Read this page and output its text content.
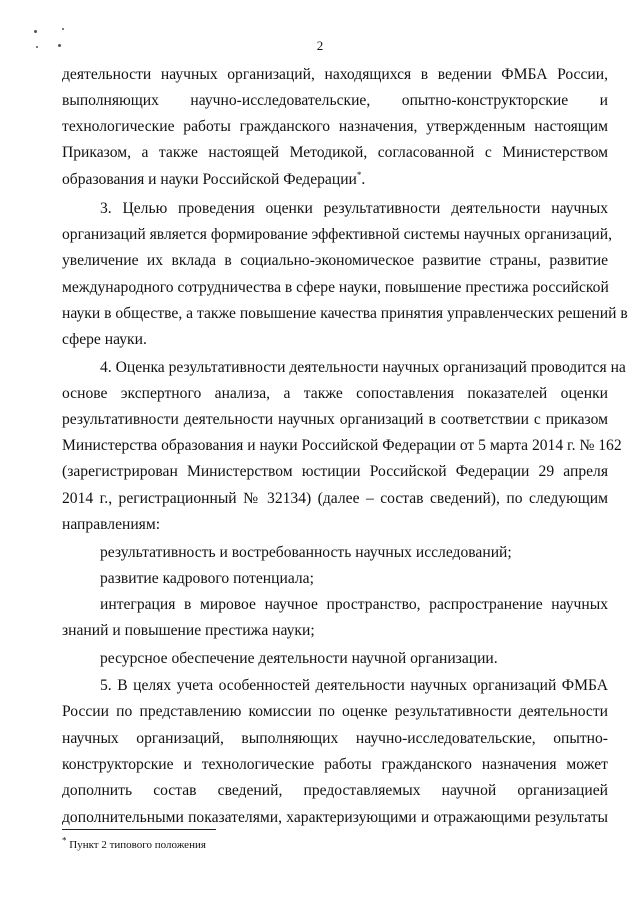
2
деятельности научных организаций, находящихся в ведении ФМБА России,
выполняющих научно-исследовательские, опытно-конструкторские и
технологические работы гражданского назначения, утвержденным настоящим
Приказом, а также настоящей Методикой, согласованной с Министерством
образования и науки Российской Федерации*.
3. Целью проведения оценки результативности деятельности научных
организаций является формирование эффективной системы научных организаций,
увеличение их вклада в социально-экономическое развитие страны, развитие
международного сотрудничества в сфере науки, повышение престижа российской
науки в обществе, а также повышение качества принятия управленческих решений в
сфере науки.
4. Оценка результативности деятельности научных организаций проводится на
основе экспертного анализа, а также сопоставления показателей оценки
результативности деятельности научных организаций в соответствии с приказом
Министерства образования и науки Российской Федерации от 5 марта 2014 г. № 162
(зарегистрирован Министерством юстиции Российской Федерации 29 апреля
2014 г., регистрационный № 32134) (далее – состав сведений), по следующим
направлениям:
результативность и востребованность научных исследований;
развитие кадрового потенциала;
интеграция в мировое научное пространство, распространение научных
знаний и повышение престижа науки;
ресурсное обеспечение деятельности научной организации.
5. В целях учета особенностей деятельности научных организаций ФМБА
России по представлению комиссии по оценке результативности деятельности
научных организаций, выполняющих научно-исследовательские, опытно-
конструкторские и технологические работы гражданского назначения может
дополнить состав сведений, предоставляемых научной организацией
дополнительными показателями, характеризующими и отражающими результаты
* Пункт 2 типового положения
